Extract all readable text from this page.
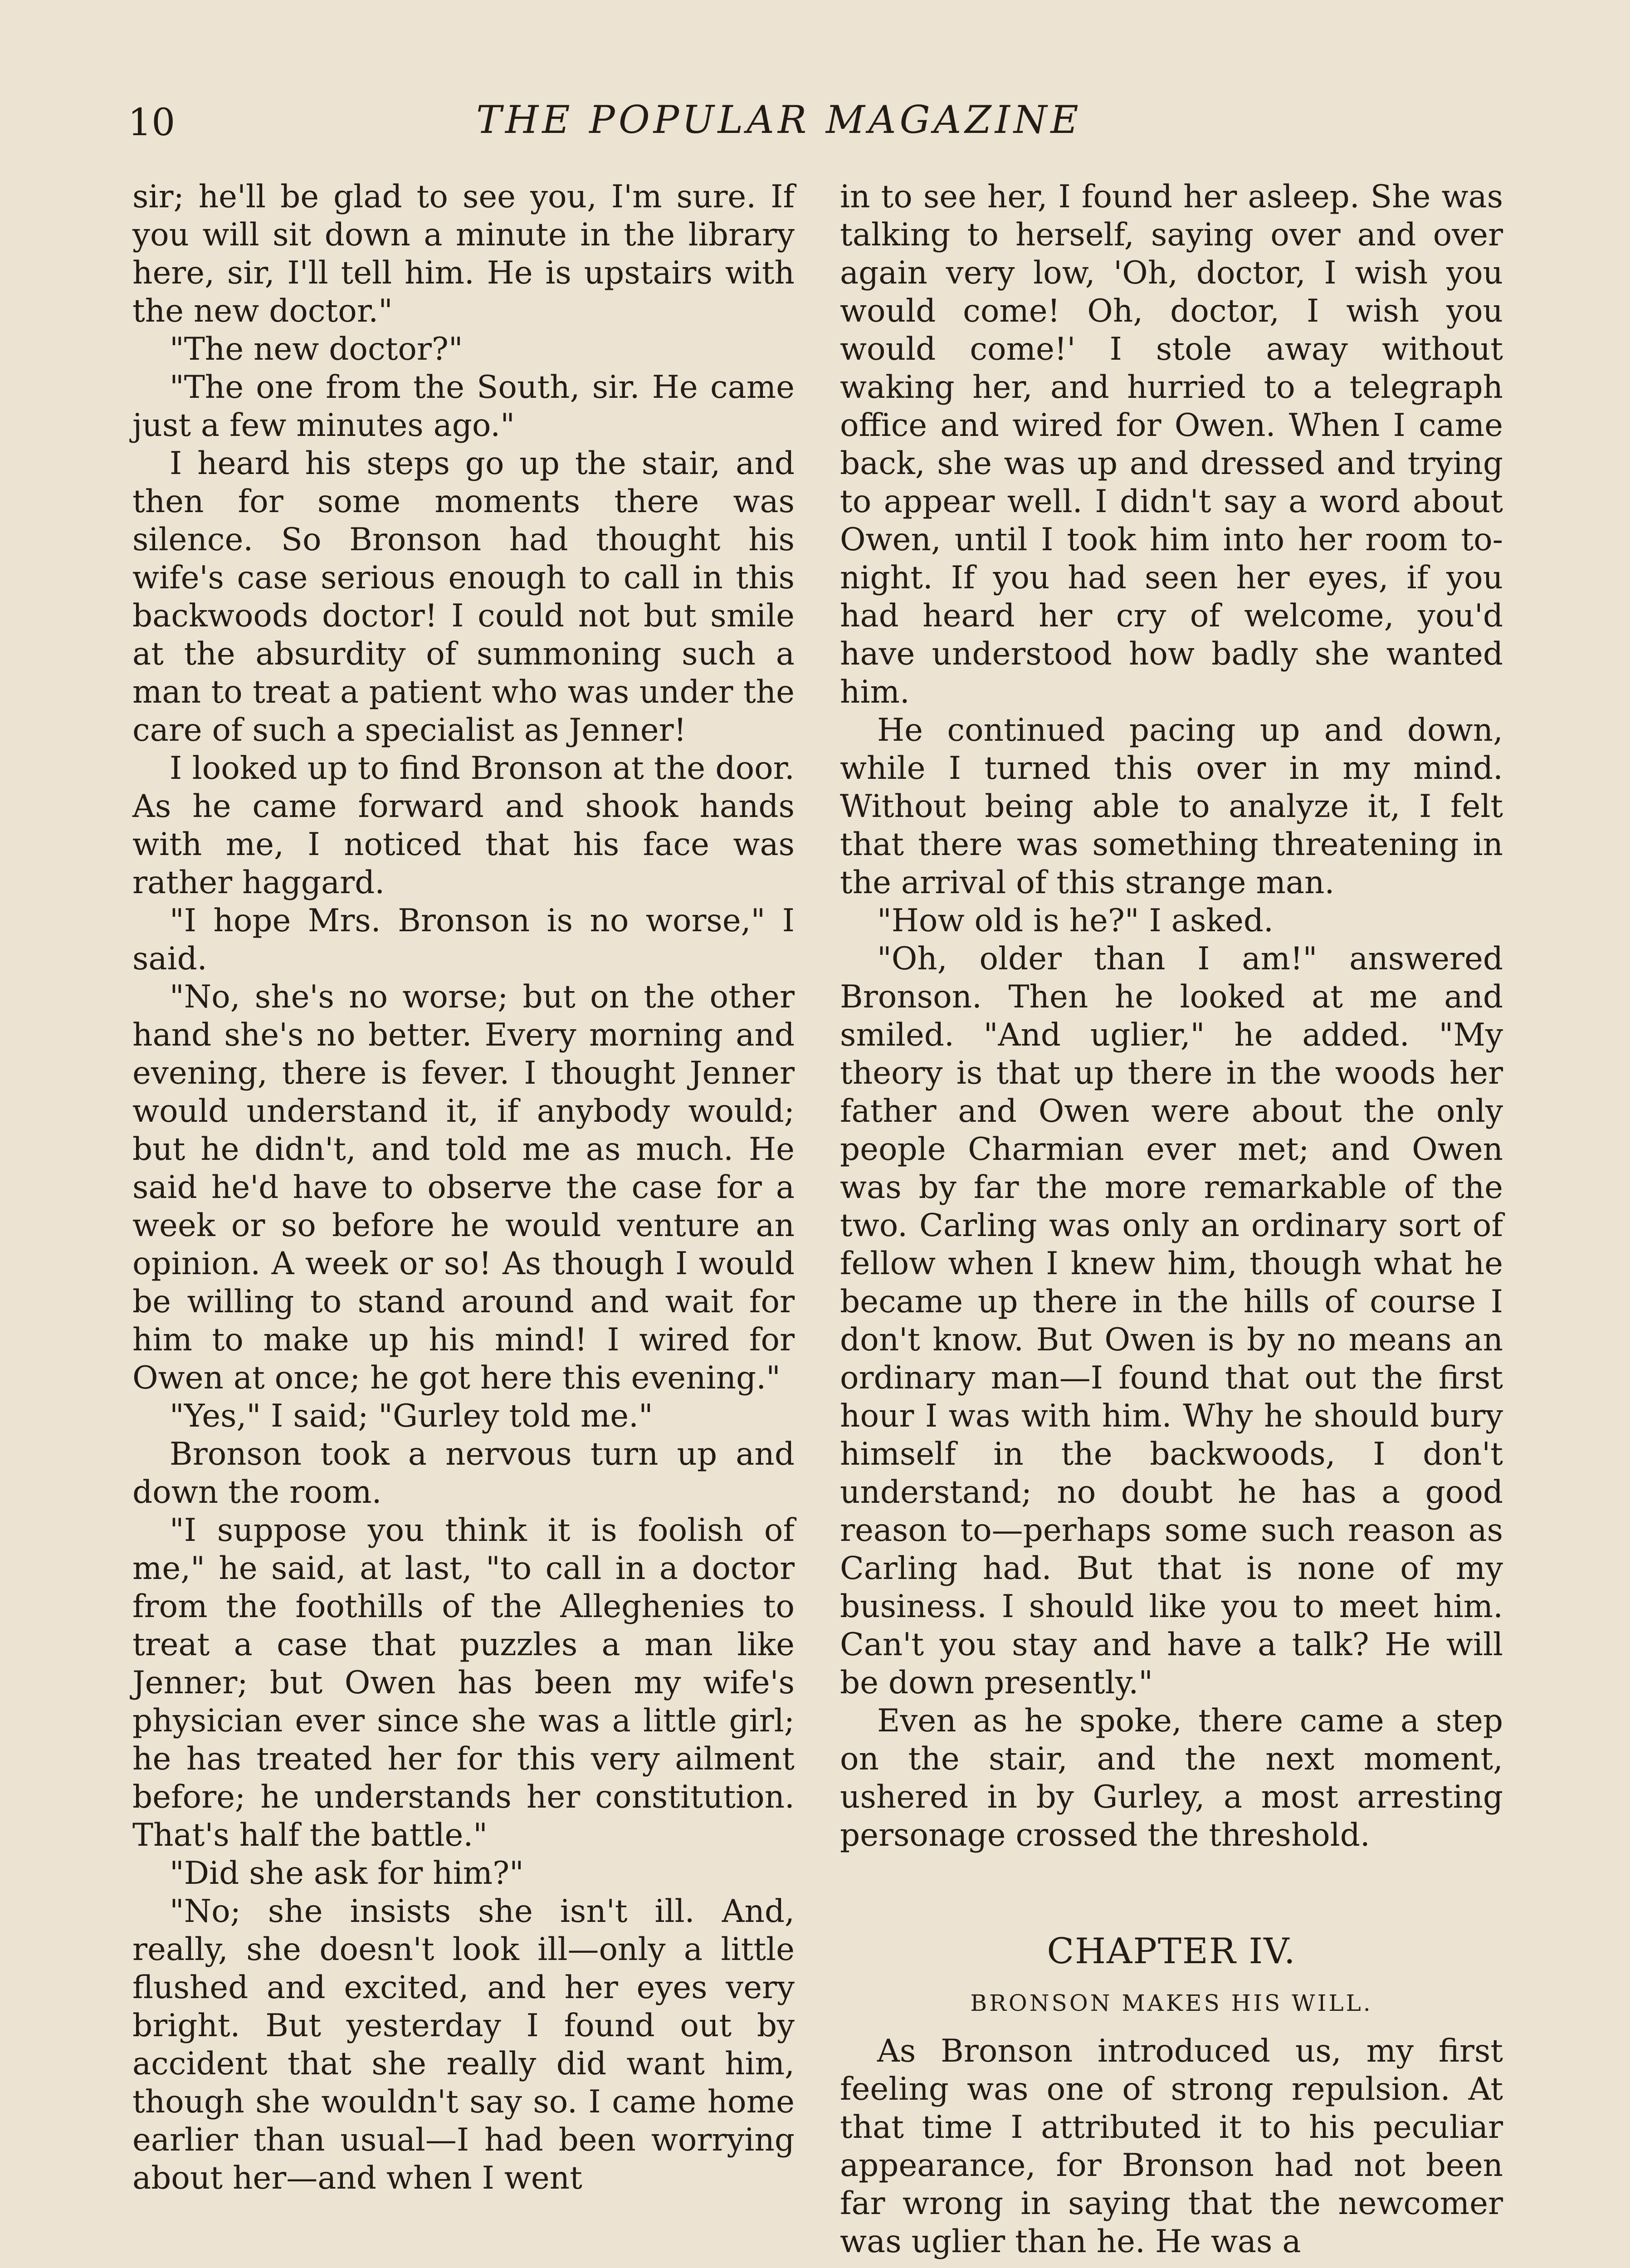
10	THE POPULAR MAGAZINE

sir; he'll be glad to see you, I'm sure. If you will sit down a minute in the library here, sir, I'll tell him. He is upstairs with the new doctor."

"The new doctor?"

"The one from the South, sir. He came just a few minutes ago."

I heard his steps go up the stair, and then for some moments there was silence. So Bronson had thought his wife's case serious enough to call in this backwoods doctor! I could not but smile at the absurdity of summoning such a man to treat a patient who was under the care of such a specialist as Jenner!

I looked up to find Bronson at the door. As he came forward and shook hands with me, I noticed that his face was rather haggard.

"I hope Mrs. Bronson is no worse," I said.

"No, she's no worse; but on the other hand she's no better. Every morning and evening, there is fever. I thought Jenner would understand it, if anybody would; but he didn't, and told me as much. He said he'd have to observe the case for a week or so before he would venture an opinion. A week or so! As though I would be willing to stand around and wait for him to make up his mind! I wired for Owen at once; he got here this evening."

"Yes," I said; "Gurley told me."

Bronson took a nervous turn up and down the room.

"I suppose you think it is foolish of me," he said, at last, "to call in a doctor from the foothills of the Alleghenies to treat a case that puzzles a man like Jenner; but Owen has been my wife's physician ever since she was a little girl; he has treated her for this very ailment before; he understands her constitution. That's half the battle."

"Did she ask for him?"

"No; she insists she isn't ill. And, really, she doesn't look ill—only a little flushed and excited, and her eyes very bright. But yesterday I found out by accident that she really did want him, though she wouldn't say so. I came home earlier than usual—I had been worrying about her—and when I went

in to see her, I found her asleep. She was talking to herself, saying over and over again very low, 'Oh, doctor, I wish you would come! Oh, doctor, I wish you would come!' I stole away without waking her, and hurried to a telegraph office and wired for Owen. When I came back, she was up and dressed and trying to appear well. I didn't say a word about Owen, until I took him into her room to-night. If you had seen her eyes, if you had heard her cry of welcome, you'd have understood how badly she wanted him.

He continued pacing up and down, while I turned this over in my mind. Without being able to analyze it, I felt that there was something threatening in the arrival of this strange man.

"How old is he?" I asked.

"Oh, older than I am!" answered Bronson. Then he looked at me and smiled. "And uglier," he added. "My theory is that up there in the woods her father and Owen were about the only people Charmian ever met; and Owen was by far the more remarkable of the two. Carling was only an ordinary sort of fellow when I knew him, though what he became up there in the hills of course I don't know. But Owen is by no means an ordinary man—I found that out the first hour I was with him. Why he should bury himself in the backwoods, I don't understand; no doubt he has a good reason to—perhaps some such reason as Carling had. But that is none of my business. I should like you to meet him. Can't you stay and have a talk? He will be down presently."

Even as he spoke, there came a step on the stair, and the next moment, ushered in by Gurley, a most arresting personage crossed the threshold.

CHAPTER IV.
BRONSON MAKES HIS WILL.

As Bronson introduced us, my first feeling was one of strong repulsion. At that time I attributed it to his peculiar appearance, for Bronson had not been far wrong in saying that the newcomer was uglier than he. He was a
